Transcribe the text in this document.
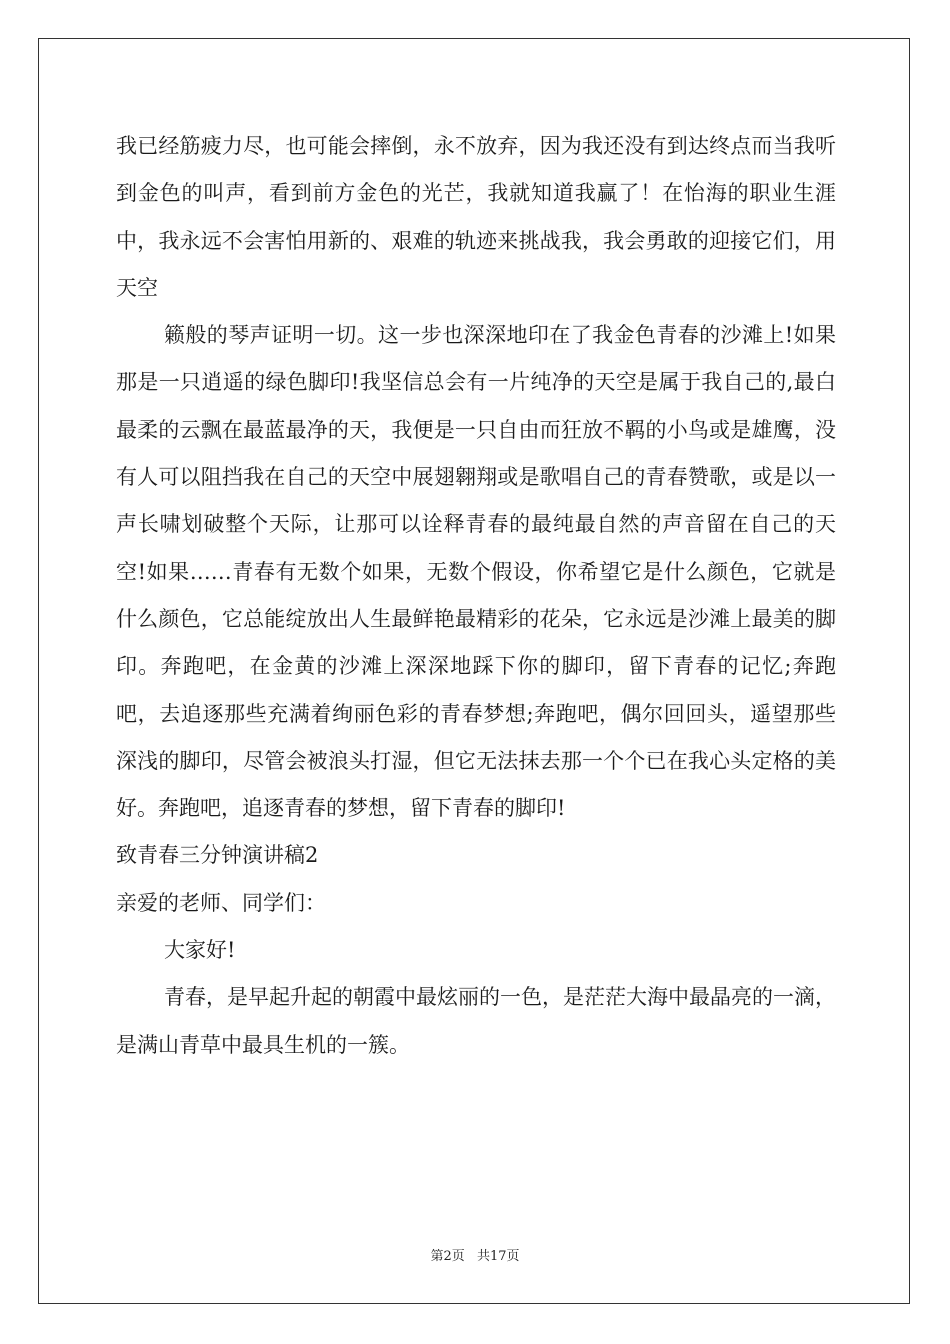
我已经筋疲力尽，也可能会摔倒，永不放弃，因为我还没有到达终点而当我听到金色的叫声，看到前方金色的光芒，我就知道我赢了！在怡海的职业生涯中，我永远不会害怕用新的、艰难的轨迹来挑战我，我会勇敢的迎接它们，用天空

籁般的琴声证明一切。这一步也深深地印在了我金色青春的沙滩上!如果那是一只逍遥的绿色脚印!我坚信总会有一片纯净的天空是属于我自己的,最白最柔的云飘在最蓝最净的天，我便是一只自由而狂放不羁的小鸟或是雄鹰，没有人可以阻挡我在自己的天空中展翅翱翔或是歌唱自己的青春赞歌，或是以一声长啸划破整个天际，让那可以诠释青春的最纯最自然的声音留在自己的天空!如果……青春有无数个如果，无数个假设，你希望它是什么颜色，它就是什么颜色，它总能绽放出人生最鲜艳最精彩的花朵，它永远是沙滩上最美的脚印。奔跑吧，在金黄的沙滩上深深地踩下你的脚印，留下青春的记忆;奔跑吧，去追逐那些充满着绚丽色彩的青春梦想;奔跑吧，偶尔回回头，遥望那些深浅的脚印，尽管会被浪头打湿，但它无法抹去那一个个已在我心头定格的美好。奔跑吧，追逐青春的梦想，留下青春的脚印!

致青春三分钟演讲稿2

亲爱的老师、同学们：

大家好!

青春，是早起升起的朝霞中最炫丽的一色，是茫茫大海中最晶亮的一滴，是满山青草中最具生机的一簇。

第2页 共17页
